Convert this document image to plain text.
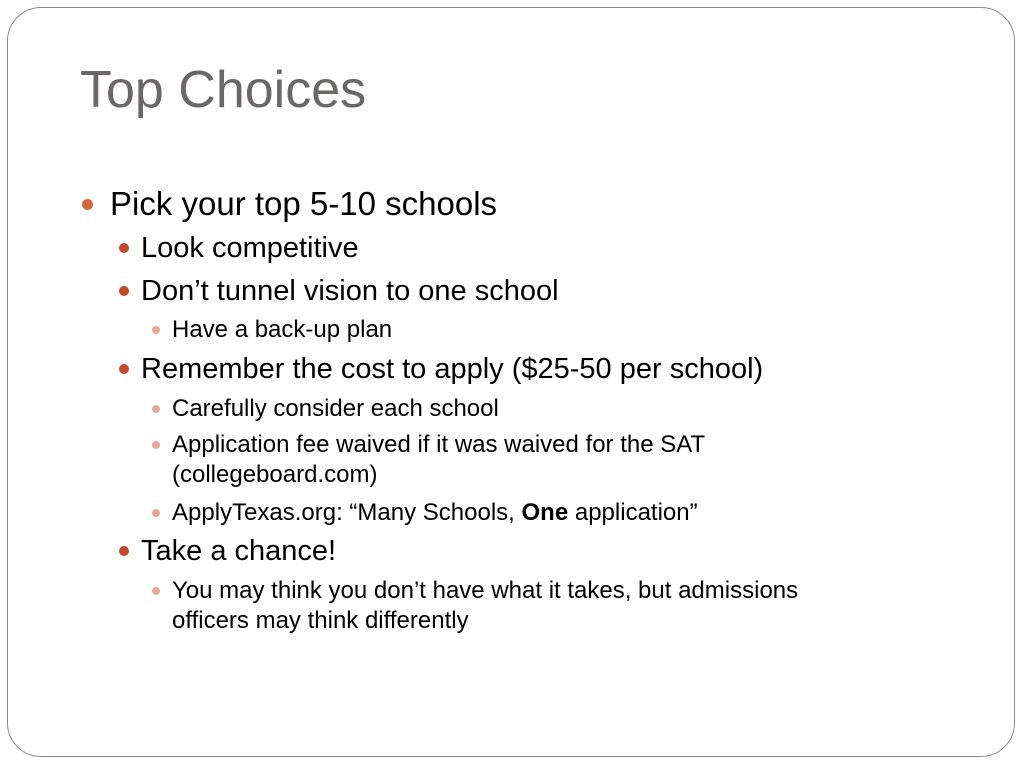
Top Choices
Pick your top 5-10 schools
Look competitive
Don’t tunnel vision to one school
Have a back-up plan
Remember the cost to apply ($25-50 per school)
Carefully consider each school
Application fee waived if it was waived for the SAT
(collegeboard.com)
ApplyTexas.org: “Many Schools, One application”
Take a chance!
You may think you don’t have what it takes, but admissions
officers may think differently
